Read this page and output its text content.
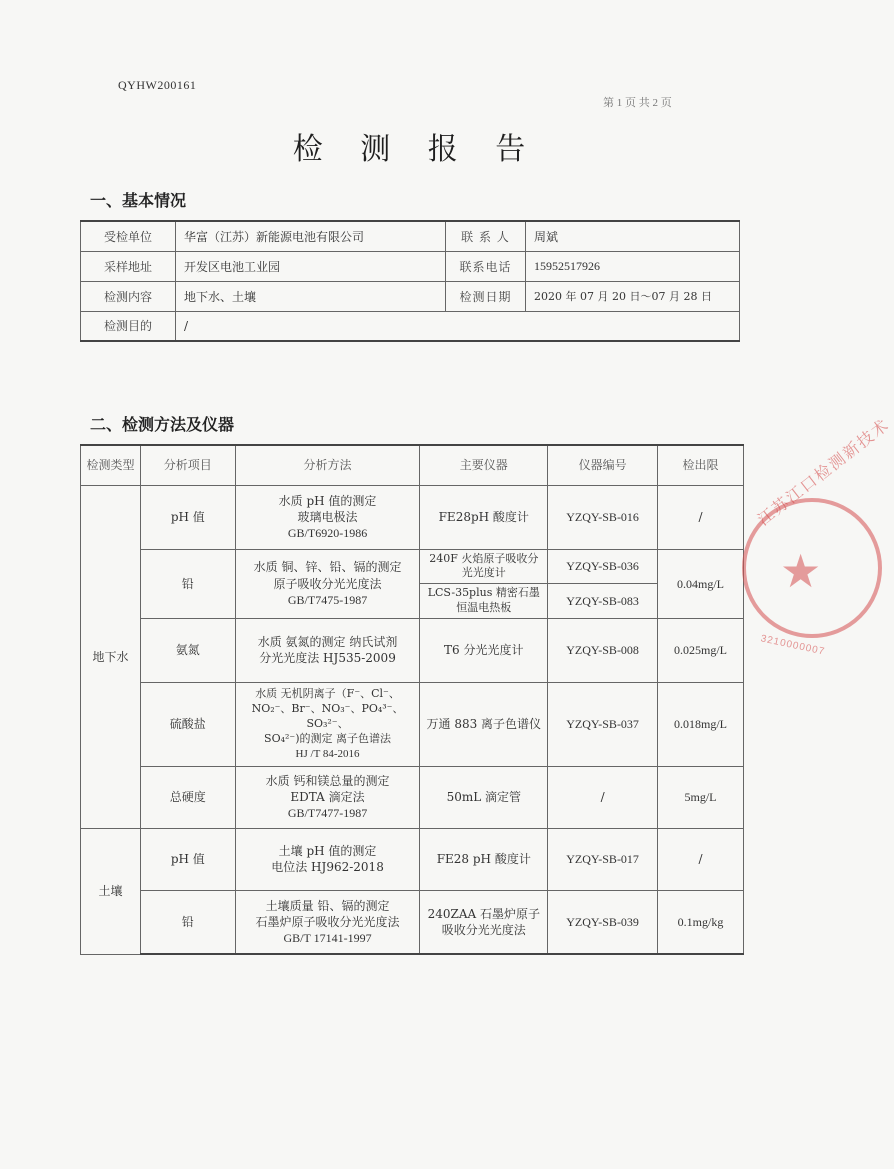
QYHW200161
第 1 页 共 2 页
检 测 报 告
一、基本情况
受检单位	华富（江苏）新能源电池有限公司	联 系 人	周斌
采样地址	开发区电池工业园	联系电话	15952517926
检测内容	地下水、土壤	检测日期	2020 年 07 月 20 日～07 月 28 日
检测目的	/		
二、检测方法及仪器
检测类型	分析项目	分析方法	主要仪器	仪器编号	检出限
地下水	pH 值	水质 pH 值的测定
玻璃电极法
GB/T6920-1986	FE28pH 酸度计	YZQY-SB-016	/
	铅	水质 铜、锌、铅、镉的测定
原子吸收分光光度法
GB/T7475-1987	240F 火焰原子吸收分光光度计	YZQY-SB-036	0.04mg/L
			LCS-35plus 精密石墨恒温电热板	YZQY-SB-083	
	氨氮	水质 氨氮的测定 纳氏试剂
分光光度法 HJ535-2009	T6 分光光度计	YZQY-SB-008	0.025mg/L
	硫酸盐	水质 无机阴离子（F⁻、Cl⁻、
NO₂⁻、Br⁻、NO₃⁻、PO₄³⁻、SO₃²⁻、
SO₄²⁻)的测定 离子色谱法
HJ /T 84-2016	万通 883 离子色谱仪	YZQY-SB-037	0.018mg/L
	总硬度	水质 钙和镁总量的测定
EDTA 滴定法
GB/T7477-1987	50mL 滴定管	/	5mg/L

土壤	pH 值	土壤 pH 值的测定
电位法 HJ962-2018	FE28 pH 酸度计	YZQY-SB-017	/
	铅	土壤质量 铅、镉的测定
石墨炉原子吸收分光光度法
GB/T 17141-1997	240ZAA 石墨炉原子吸收分光光度法	YZQY-SB-039	0.1mg/kg
江苏江口检测新技术
★
3210000007
